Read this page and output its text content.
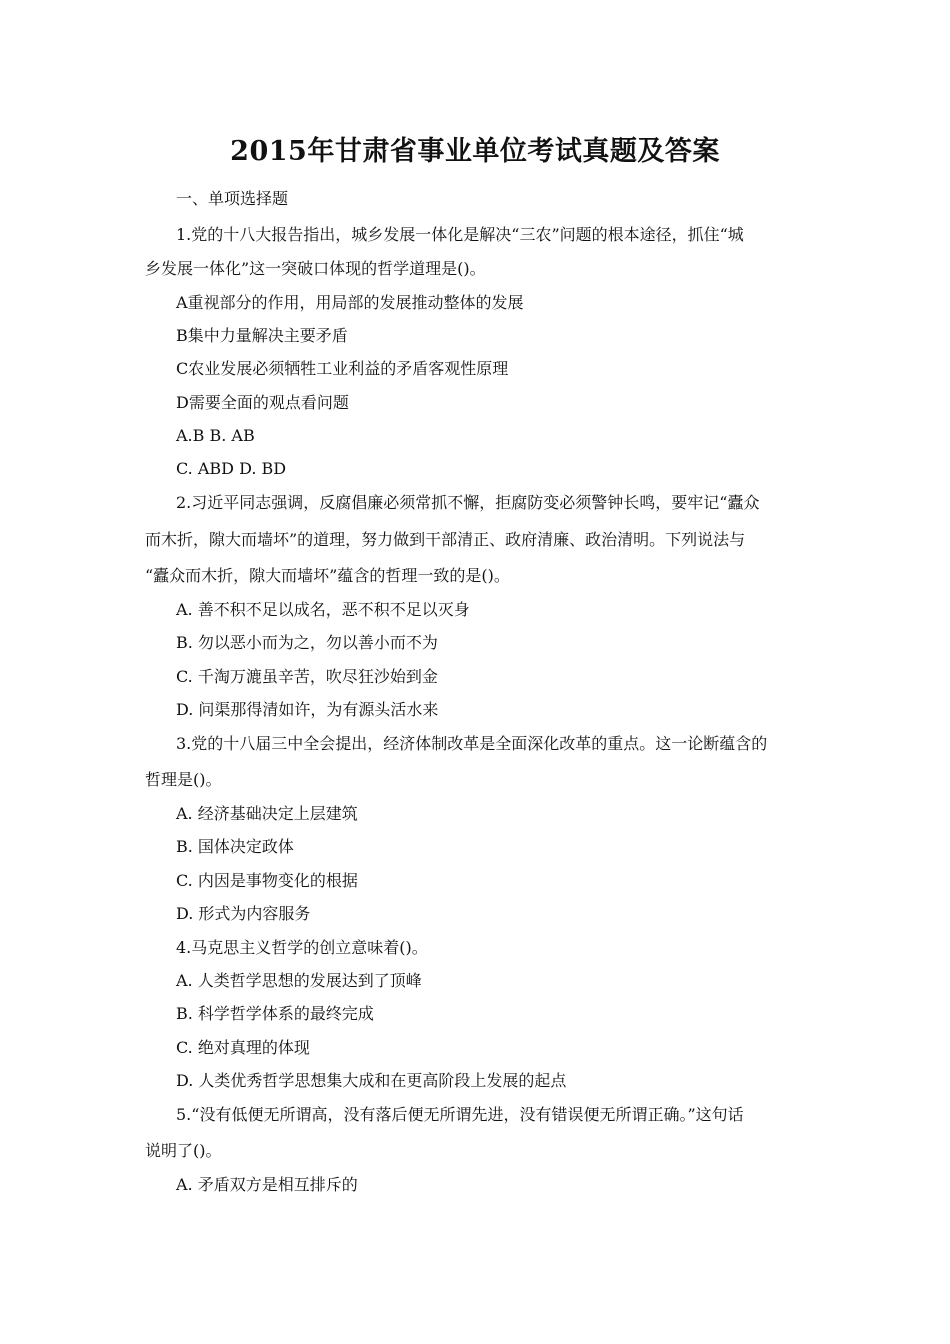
2015年甘肃省事业单位考试真题及答案
一、单项选择题
1.党的十八大报告指出，城乡发展一体化是解决“三农”问题的根本途径，抓住“城
乡发展一体化”这一突破口体现的哲学道理是()。
A重视部分的作用，用局部的发展推动整体的发展
B集中力量解决主要矛盾
C农业发展必须牺牲工业利益的矛盾客观性原理
D需要全面的观点看问题
A.B B. AB
C. ABD D. BD
2.习近平同志强调，反腐倡廉必须常抓不懈，拒腐防变必须警钟长鸣，要牢记“蠹众
而木折，隙大而墙坏”的道理，努力做到干部清正、政府清廉、政治清明。下列说法与
“蠹众而木折，隙大而墙坏”蕴含的哲理一致的是()。
A. 善不积不足以成名，恶不积不足以灭身
B. 勿以恶小而为之，勿以善小而不为
C. 千淘万漉虽辛苦，吹尽狂沙始到金
D. 问渠那得清如许，为有源头活水来
3.党的十八届三中全会提出，经济体制改革是全面深化改革的重点。这一论断蕴含的
哲理是()。
A. 经济基础决定上层建筑
B. 国体决定政体
C. 内因是事物变化的根据
D. 形式为内容服务
4.马克思主义哲学的创立意味着()。
A. 人类哲学思想的发展达到了顶峰
B. 科学哲学体系的最终完成
C. 绝对真理的体现
D. 人类优秀哲学思想集大成和在更高阶段上发展的起点
5.“没有低便无所谓高，没有落后便无所谓先进，没有错误便无所谓正确。”这句话
说明了()。
A. 矛盾双方是相互排斥的
